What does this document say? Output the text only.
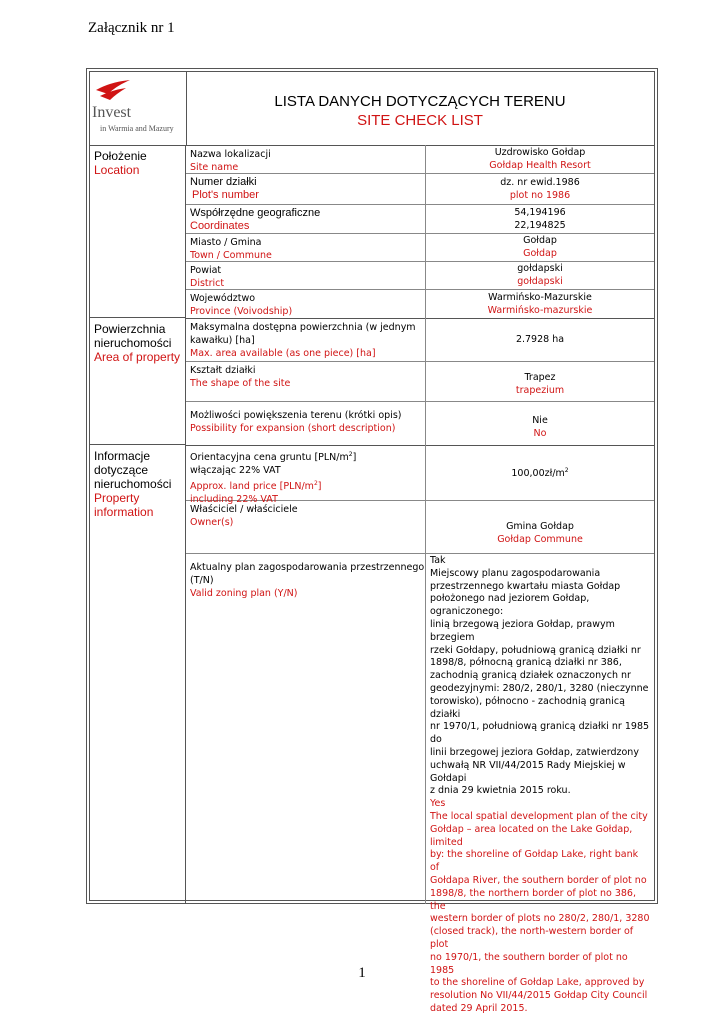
Załącznik nr 1
Invest
in Warmia and Mazury
LISTA DANYCH DOTYCZĄCYCH TERENU
SITE CHECK LIST
Położenie
Location
Nazwa lokalizacji
Site name
Uzdrowisko Gołdap
Gołdap Health Resort
Numer działki
Plot's number
dz. nr ewid.1986
plot no 1986
Współrzędne geograficzne
Coordinates
54,194196
22,194825
Miasto / Gmina
Town / Commune
Gołdap
Gołdap
Powiat
District
gołdapski
gołdapski
Województwo
Province (Voivodship)
Warmińsko-Mazurskie
Warmińsko-mazurskie
Powierzchnia
nieruchomości
Area of property
Maksymalna dostępna powierzchnia (w jednym
kawałku) [ha]
Max. area available (as one piece) [ha]
2.7928 ha
Kształt działki
The shape of the site
Trapez
trapezium
Możliwości powiększenia terenu (krótki opis)
Possibility for expansion (short description)
Nie
No
Informacje
dotyczące
nieruchomości
Property
information
Orientacyjna cena gruntu $[PLN/m^2]$
włączając 22% VAT
Approx. land price $[PLN/m^2]$
including 22% VAT
$100,00zł/m^2$
Właściciel / właściciele
Owner(s)	Gmina Gołdap
Gołdap Commune
Aktualny plan zagospodarowania przestrzennego
(T/N)
Valid zoning plan (Y/N)
Tak
Miejscowy planu zagospodarowania
przestrzennego kwartału miasta Gołdap
położonego nad jeziorem Gołdap, ograniczonego:
linią brzegową jeziora Gołdap, prawym brzegiem
rzeki Gołdapy, południową granicą działki nr
1898/8, północną granicą działki nr 386,
zachodnią granicą działek oznaczonych nr
geodezyjnymi: 280/2, 280/1, 3280 (nieczynne
torowisko), północno - zachodnią granicą działki
nr 1970/1, południową granicą działki nr 1985 do
linii brzegowej jeziora Gołdap, zatwierdzony
uchwałą NR VII/44/2015 Rady Miejskiej w Gołdapi
z dnia 29 kwietnia 2015 roku.
Yes
The local spatial development plan of the city
Gołdap – area located on the Lake Gołdap, limited
by: the shoreline of Gołdap Lake, right bank of
Gołdapa River, the southern border of plot no
1898/8, the northern border of plot no 386, the
western border of plots no 280/2, 280/1, 3280
(closed track), the north-western border of plot
no 1970/1, the southern border of plot no 1985
to the shoreline of Gołdap Lake, approved by
resolution No VII/44/2015 Gołdap City Council
dated 29 April 2015.
1
